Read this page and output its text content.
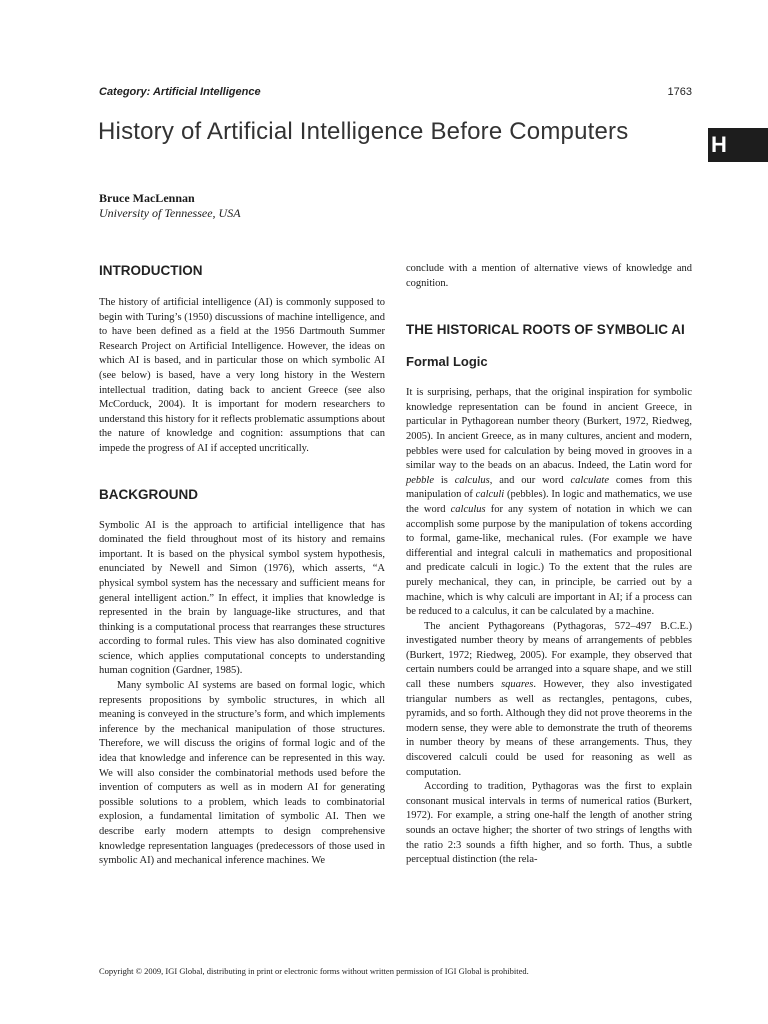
Category: Artificial Intelligence	1763
H
History of Artificial Intelligence Before Computers
Bruce MacLennan
University of Tennessee, USA
INTRODUCTION

The history of artificial intelligence (AI) is commonly supposed to begin with Turing’s (1950) discussions of machine intelligence, and to have been defined as a field at the 1956 Dartmouth Summer Research Project on Artificial Intelligence. However, the ideas on which AI is based, and in particular those on which symbolic AI (see below) is based, have a very long history in the Western intellectual tradition, dating back to ancient Greece (see also McCorduck, 2004). It is important for modern researchers to understand this history for it reflects problematic assumptions about the nature of knowledge and cognition: assumptions that can impede the progress of AI if accepted uncritically.

BACKGROUND

Symbolic AI is the approach to artificial intelligence that has dominated the field throughout most of its history and remains important. It is based on the physical symbol system hypothesis, enunciated by Newell and Simon (1976), which asserts, “A physical symbol system has the necessary and sufficient means for general intelligent action.” In effect, it implies that knowledge is represented in the brain by language-like structures, and that thinking is a computational process that rearranges these structures according to formal rules. This view has also dominated cognitive science, which applies computational concepts to understanding human cognition (Gardner, 1985).

Many symbolic AI systems are based on formal logic, which represents propositions by symbolic structures, in which all meaning is conveyed in the structure’s form, and which implements inference by the mechanical manipulation of those structures. Therefore, we will discuss the origins of formal logic and of the idea that knowledge and inference can be represented in this way. We will also consider the combinatorial methods used before the invention of computers as well as in modern AI for generating possible solutions to a problem, which leads to combinatorial explosion, a fundamental limitation of symbolic AI. Then we describe early modern attempts to design comprehensive knowledge representation languages (predecessors of those used in symbolic AI) and mechanical inference machines. We

conclude with a mention of alternative views of knowledge and cognition.

THE HISTORICAL ROOTS OF SYMBOLIC AI
Formal Logic

It is surprising, perhaps, that the original inspiration for symbolic knowledge representation can be found in ancient Greece, in particular in Pythagorean number theory (Burkert, 1972, Riedweg, 2005). In ancient Greece, as in many cultures, ancient and modern, pebbles were used for calculation by being moved in grooves in a similar way to the beads on an abacus. Indeed, the Latin word for pebble is calculus, and our word calculate comes from this manipulation of calculi (pebbles). In logic and mathematics, we use the word calculus for any system of notation in which we can accomplish some purpose by the manipulation of tokens according to formal, game-like, mechanical rules. (For example we have differential and integral calculi in mathematics and propositional and predicate calculi in logic.) To the extent that the rules are purely mechanical, they can, in principle, be carried out by a machine, which is why calculi are important in AI; if a process can be reduced to a calculus, it can be calculated by a machine.

The ancient Pythagoreans (Pythagoras, 572–497 B.C.E.) investigated number theory by means of arrangements of pebbles (Burkert, 1972; Riedweg, 2005). For example, they observed that certain numbers could be arranged into a square shape, and we still call these numbers squares. However, they also investigated triangular numbers as well as rectangles, pentagons, cubes, pyramids, and so forth. Although they did not prove theorems in the modern sense, they were able to demonstrate the truth of theorems in number theory by means of these arrangements. Thus, they discovered calculi could be used for reasoning as well as computation.

According to tradition, Pythagoras was the first to explain consonant musical intervals in terms of numerical ratios (Burkert, 1972). For example, a string one-half the length of another string sounds an octave higher; the shorter of two strings of lengths with the ratio 2:3 sounds a fifth higher, and so forth. Thus, a subtle perceptual distinction (the rela-

Copyright © 2009, IGI Global, distributing in print or electronic forms without written permission of IGI Global is prohibited.
